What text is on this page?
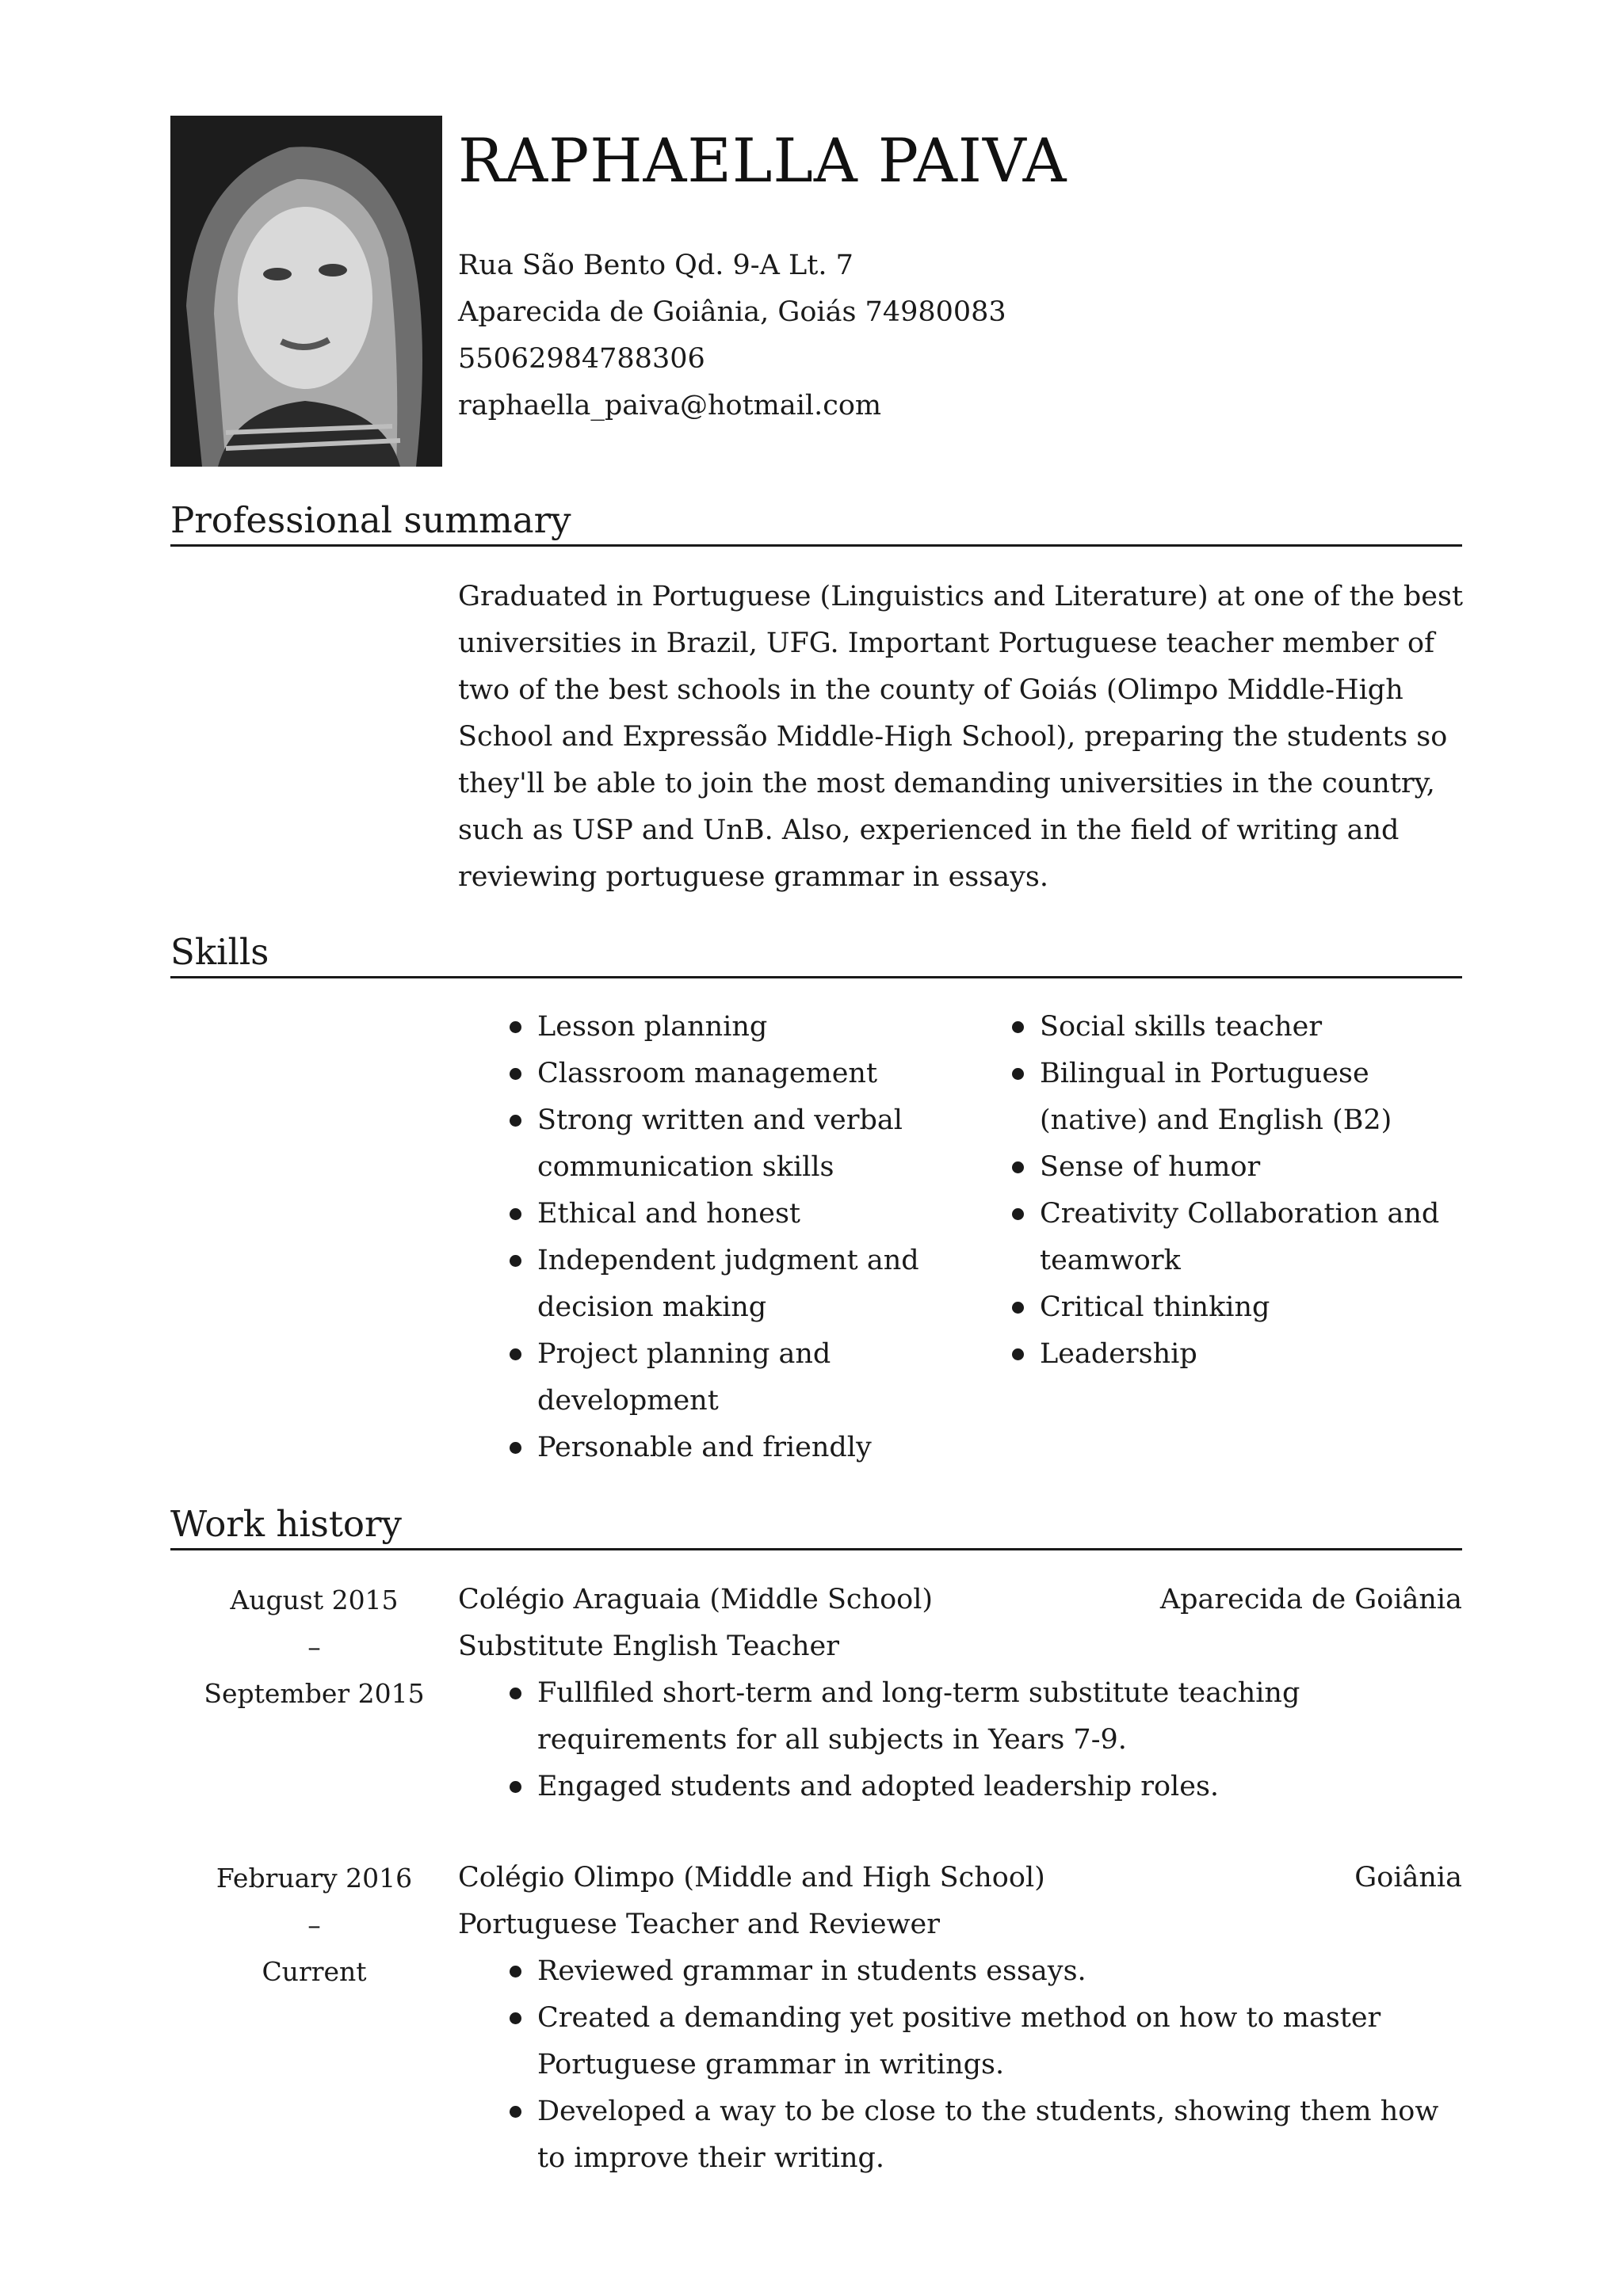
RAPHAELLA PAIVA
Rua São Bento Qd. 9-A Lt. 7
Aparecida de Goiânia, Goiás 74980083
55062984788306
raphaella_paiva@hotmail.com
Professional summary
Graduated in Portuguese (Linguistics and Literature) at one of the best universities in Brazil, UFG. Important Portuguese teacher member of two of the best schools in the county of Goiás (Olimpo Middle-High School and Expressão Middle-High School), preparing the students so they'll be able to join the most demanding universities in the country, such as USP and UnB. Also, experienced in the field of writing and reviewing portuguese grammar in essays.
Skills
Lesson planning
Classroom management
Strong written and verbal communication skills
Ethical and honest
Independent judgment and decision making
Project planning and development
Personable and friendly
Social skills teacher
Bilingual in Portuguese (native) and English (B2)
Sense of humor
Creativity Collaboration and teamwork
Critical thinking
Leadership
Work history
August 2015
–
September 2015
Colégio Araguaia (Middle School)	Aparecida de Goiânia
Substitute English Teacher
Fullfiled short-term and long-term substitute teaching requirements for all subjects in Years 7-9.
Engaged students and adopted leadership roles.
February 2016
–
Current
Colégio Olimpo (Middle and High School)	Goiânia
Portuguese Teacher and Reviewer
Reviewed grammar in students essays.
Created a demanding yet positive method on how to master Portuguese grammar in writings.
Developed a way to be close to the students, showing them how to improve their writing.
